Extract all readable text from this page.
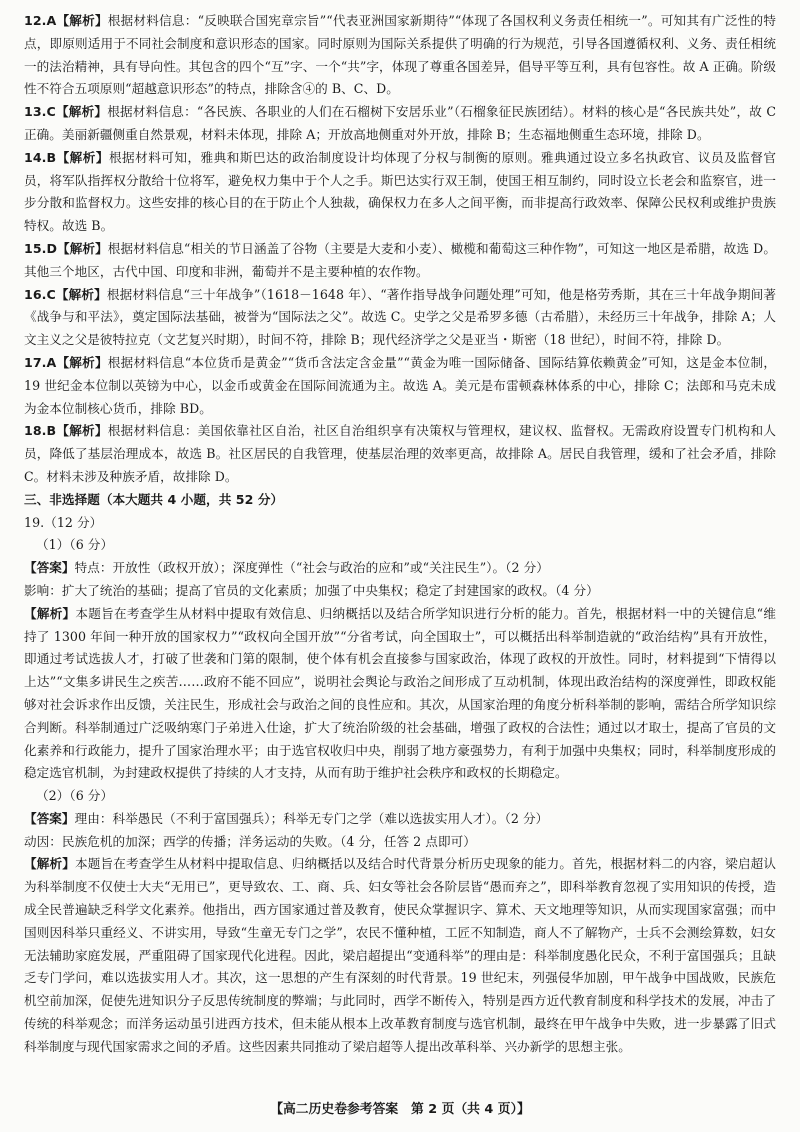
12.A【解析】根据材料信息：“反映联合国宪章宗旨”“代表亚洲国家新期待”“体现了各国权利义务责任相统一”。可知其有广泛性的特点，即原则适用于不同社会制度和意识形态的国家。同时原则为国际关系提供了明确的行为规范，引导各国遵循权利、义务、责任相统一的法治精神，具有导向性。其包含的四个“互”字、一个“共”字，体现了尊重各国差异，倡导平等互利，具有包容性。故 A 正确。阶级性不符合五项原则“超越意识形态”的特点，排除含④的 B、C、D。

13.C【解析】根据材料信息：“各民族、各职业的人们在石榴树下安居乐业”（石榴象征民族团结）。材料的核心是“各民族共处”，故 C 正确。美丽新疆侧重自然景观，材料未体现，排除 A；开放高地侧重对外开放，排除 B；生态福地侧重生态环境，排除 D。

14.B【解析】根据材料可知，雅典和斯巴达的政治制度设计均体现了分权与制衡的原则。雅典通过设立多名执政官、议员及监督官员，将军队指挥权分散给十位将军，避免权力集中于个人之手。斯巴达实行双王制，使国王相互制约，同时设立长老会和监察官，进一步分散和监督权力。这些安排的核心目的在于防止个人独裁，确保权力在多人之间平衡，而非提高行政效率、保障公民权利或维护贵族特权。故选 B。

15.D【解析】根据材料信息“相关的节日涵盖了谷物（主要是大麦和小麦）、橄榄和葡萄这三种作物”，可知这一地区是希腊，故选 D。其他三个地区，古代中国、印度和非洲，葡萄并不是主要种植的农作物。

16.C【解析】根据材料信息“三十年战争”（1618－1648 年）、“著作指导战争问题处理”可知，他是格劳秀斯，其在三十年战争期间著《战争与和平法》，奠定国际法基础，被誉为“国际法之父”。故选 C。史学之父是希罗多德（古希腊），未经历三十年战争，排除 A；人文主义之父是彼特拉克（文艺复兴时期），时间不符，排除 B；现代经济学之父是亚当・斯密（18 世纪），时间不符，排除 D。

17.A【解析】根据材料信息“本位货币是黄金”“货币含法定含金量”“黄金为唯一国际储备、国际结算依赖黄金”可知，这是金本位制，19 世纪金本位制以英镑为中心，以金币或黄金在国际间流通为主。故选 A。美元是布雷顿森林体系的中心，排除 C；法郎和马克未成为金本位制核心货币，排除 BD。

18.B【解析】根据材料信息：美国依靠社区自治，社区自治组织享有决策权与管理权，建议权、监督权。无需政府设置专门机构和人员，降低了基层治理成本，故选 B。社区居民的自我管理，使基层治理的效率更高，故排除 A。居民自我管理，缓和了社会矛盾，排除 C。材料未涉及种族矛盾，故排除 D。

三、非选择题（本大题共 4 小题，共 52 分）

19.（12 分）

（1）（6 分）

【答案】特点：开放性（政权开放）；深度弹性（“社会与政治的应和”或“关注民生”）。（2 分）

影响：扩大了统治的基础；提高了官员的文化素质；加强了中央集权；稳定了封建国家的政权。（4 分）

【解析】本题旨在考查学生从材料中提取有效信息、归纳概括以及结合所学知识进行分析的能力。首先，根据材料一中的关键信息“维持了 1300 年间一种开放的国家权力”“政权向全国开放”“分省考试，向全国取士”，可以概括出科举制造就的“政治结构”具有开放性，即通过考试选拔人才，打破了世袭和门第的限制，使个体有机会直接参与国家政治，体现了政权的开放性。同时，材料提到“下情得以上达”“文集多讲民生之疾苦……政府不能不回应”，说明社会舆论与政治之间形成了互动机制，体现出政治结构的深度弹性，即政权能够对社会诉求作出反馈，关注民生，形成社会与政治之间的良性应和。其次，从国家治理的角度分析科举制的影响，需结合所学知识综合判断。科举制通过广泛吸纳寒门子弟进入仕途，扩大了统治阶级的社会基础，增强了政权的合法性；通过以才取士，提高了官员的文化素养和行政能力，提升了国家治理水平；由于选官权收归中央，削弱了地方豪强势力，有利于加强中央集权；同时，科举制度形成的稳定选官机制，为封建政权提供了持续的人才支持，从而有助于维护社会秩序和政权的长期稳定。

（2）（6 分）

【答案】理由：科举愚民（不利于富国强兵）；科举无专门之学（难以选拔实用人才）。（2 分）

动因：民族危机的加深；西学的传播；洋务运动的失败。（4 分，任答 2 点即可）

【解析】本题旨在考查学生从材料中提取信息、归纳概括以及结合时代背景分析历史现象的能力。首先，根据材料二的内容，梁启超认为科举制度不仅使士大夫“无用已”，更导致农、工、商、兵、妇女等社会各阶层皆“愚而弃之”，即科举教育忽视了实用知识的传授，造成全民普遍缺乏科学文化素养。他指出，西方国家通过普及教育，使民众掌握识字、算术、天文地理等知识，从而实现国家富强；而中国则因科举只重经义、不讲实用，导致“生童无专门之学”，农民不懂种植，工匠不知制造，商人不了解物产，士兵不会测绘算数，妇女无法辅助家庭发展，严重阻碍了国家现代化进程。因此，梁启超提出“变通科举”的理由是：科举制度愚化民众，不利于富国强兵；且缺乏专门学问，难以选拔实用人才。其次，这一思想的产生有深刻的时代背景。19 世纪末，列强侵华加剧，甲午战争中国战败，民族危机空前加深，促使先进知识分子反思传统制度的弊端；与此同时，西学不断传入，特别是西方近代教育制度和科学技术的发展，冲击了传统的科举观念；而洋务运动虽引进西方技术，但未能从根本上改革教育制度与选官机制，最终在甲午战争中失败，进一步暴露了旧式科举制度与现代国家需求之间的矛盾。这些因素共同推动了梁启超等人提出改革科举、兴办新学的思想主张。

【高二历史卷参考答案　第 2 页（共 4 页）】
